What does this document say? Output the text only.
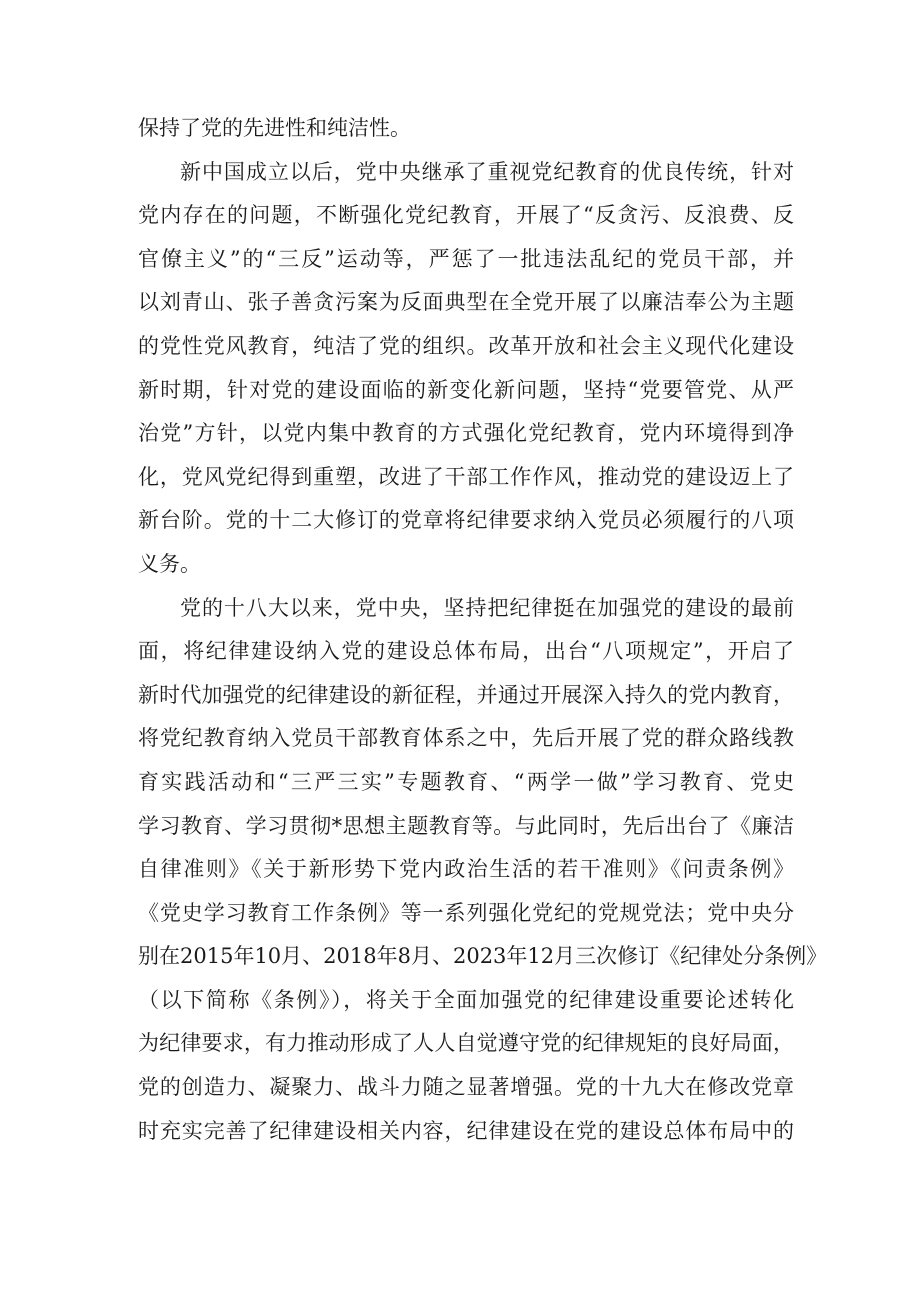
保持了党的先进性和纯洁性。
新中国成立以后，党中央继承了重视党纪教育的优良传统，针对
党内存在的问题，不断强化党纪教育，开展了“反贪污、反浪费、反
官僚主义”的“三反”运动等，严惩了一批违法乱纪的党员干部，并
以刘青山、张子善贪污案为反面典型在全党开展了以廉洁奉公为主题
的党性党风教育，纯洁了党的组织。改革开放和社会主义现代化建设
新时期，针对党的建设面临的新变化新问题，坚持“党要管党、从严
治党”方针，以党内集中教育的方式强化党纪教育，党内环境得到净
化，党风党纪得到重塑，改进了干部工作作风，推动党的建设迈上了
新台阶。党的十二大修订的党章将纪律要求纳入党员必须履行的八项
义务。
党的十八大以来，党中央，坚持把纪律挺在加强党的建设的最前
面，将纪律建设纳入党的建设总体布局，出台“八项规定”，开启了
新时代加强党的纪律建设的新征程，并通过开展深入持久的党内教育，
将党纪教育纳入党员干部教育体系之中，先后开展了党的群众路线教
育实践活动和“三严三实”专题教育、“两学一做”学习教育、党史
学习教育、学习贯彻*思想主题教育等。与此同时，先后出台了《廉洁
自律准则》《关于新形势下党内政治生活的若干准则》《问责条例》
《党史学习教育工作条例》等一系列强化党纪的党规党法；党中央分
别在2015年10月、2018年8月、2023年12月三次修订《纪律处分条例》
（以下简称《条例》），将关于全面加强党的纪律建设重要论述转化
为纪律要求，有力推动形成了人人自觉遵守党的纪律规矩的良好局面，
党的创造力、凝聚力、战斗力随之显著增强。党的十九大在修改党章
时充实完善了纪律建设相关内容，纪律建设在党的建设总体布局中的
